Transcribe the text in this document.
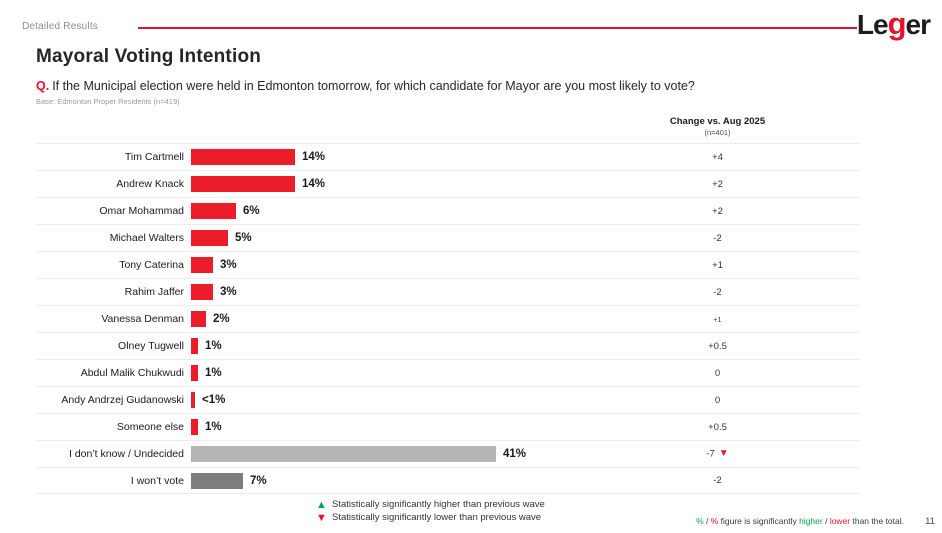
Detailed Results	Leger
Mayoral Voting Intention
Q. If the Municipal election were held in Edmonton tomorrow, for which candidate for Mayor are you most likely to vote?
Base: Edmonton Proper Residents (n=419)
Change vs. Aug 2025
(n=401)
Tim Cartmell	14%	+4
Andrew Knack	14%	+2
Omar Mohammad	6%	+2
Michael Walters	5%	-2
Tony Caterina	3%	+1
Rahim Jaffer	3%	-2
Vanessa Denman	2%	+1
Olney Tugwell	1%	+0.5
Abdul Malik Chukwudi	1%	0
Andy Andrzej Gudanowski	<1%	0
Someone else	1%	+0.5
I don’t know / Undecided	41%	-7 ▼
I won’t vote	7%	-2
▲ Statistically significantly higher than previous wave
▼ Statistically significantly lower than previous wave	% / % figure is significantly higher / lower than the total. 11
